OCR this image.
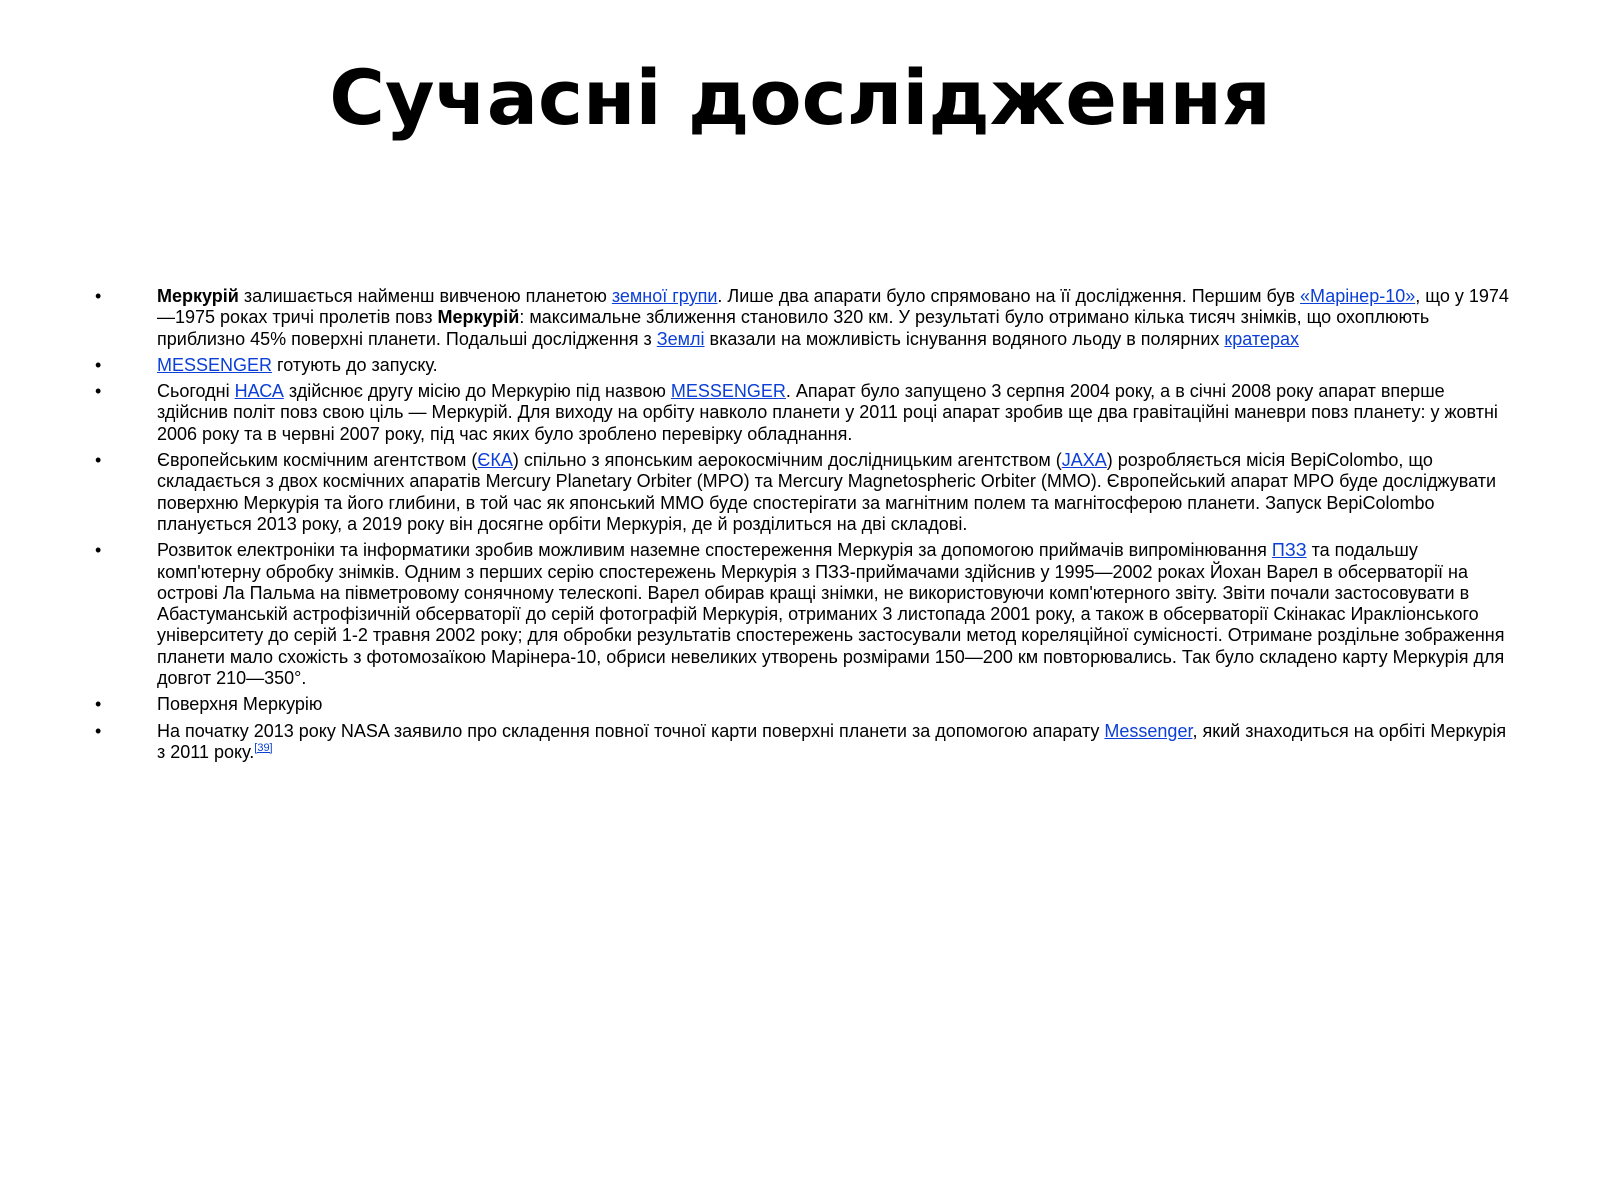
Сучасні дослідження
•	Меркурій залишається найменш вивченою планетою земної групи. Лише два апарати було спрямовано на її дослідження. Першим був «Марінер-10», що у 1974—1975 роках тричі пролетів повз Меркурій: максимальне зближення становило 320 км. У результаті було отримано кілька тисяч знімків, що охоплюють приблизно 45% поверхні планети. Подальші дослідження з Землі вказали на можливість існування водяного льоду в полярних кратерах
•	MESSENGER готують до запуску.
•	Сьогодні НАСА здійснює другу місію до Меркурію під назвою MESSENGER. Апарат було запущено 3 серпня 2004 року, а в січні 2008 року апарат вперше здійснив політ повз свою ціль — Меркурій. Для виходу на орбіту навколо планети у 2011 році апарат зробив ще два гравітаційні маневри повз планету: у жовтні 2006 року та в червні 2007 року, під час яких було зроблено перевірку обладнання.
•	Європейським космічним агентством (ЄКА) спільно з японським аерокосмічним дослідницьким агентством (JAXA) розробляється місія BepiColombo, що складається з двох космічних апаратів Mercury Planetary Orbiter (MPO) та Mercury Magnetospheric Orbiter (MMO). Європейський апарат MPO буде досліджувати поверхню Меркурія та його глибини, в той час як японський MMO буде спостерігати за магнітним полем та магнітосферою планети. Запуск BepiColombo планується 2013 року, а 2019 року він досягне орбіти Меркурія, де й розділиться на дві складові.
•	Розвиток електроніки та інформатики зробив можливим наземне спостереження Меркурія за допомогою приймачів випромінювання ПЗЗ та подальшу комп'ютерну обробку знімків. Одним з перших серію спостережень Меркурія з ПЗЗ-приймачами здійснив у 1995—2002 роках Йохан Варел в обсерваторії на острові Ла Пальма на півметровому сонячному телескопі. Варел обирав кращі знімки, не використовуючи комп'ютерного звіту. Звіти почали застосовувати в Абастуманській астрофізичній обсерваторії до серій фотографій Меркурія, отриманих 3 листопада 2001 року, а також в обсерваторії Скінакас Иракліонського університету до серій 1-2 травня 2002 року; для обробки результатів спостережень застосували метод кореляційної сумісності. Отримане роздільне зображення планети мало схожість з фотомозаїкою Марінера-10, обриси невеликих утворень розмірами 150—200 км повторювались. Так було складено карту Меркурія для довгот 210—350°.
•	Поверхня Меркурію
•	На початку 2013 року NASA заявило про складення повної точної карти поверхні планети за допомогою апарату Messenger, який знаходиться на орбіті Меркурія з 2011 року.[39]
